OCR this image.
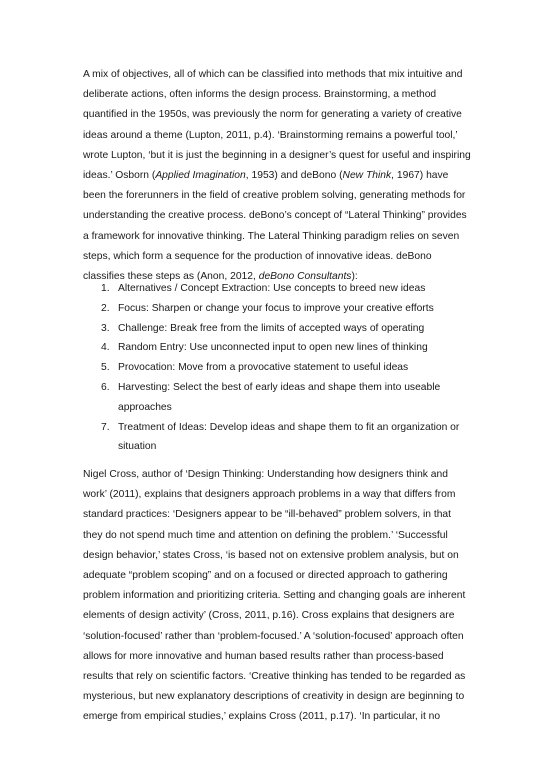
A mix of objectives, all of which can be classified into methods that mix intuitive and
deliberate actions, often informs the design process. Brainstorming, a method
quantified in the 1950s, was previously the norm for generating a variety of creative
ideas around a theme (Lupton, 2011, p.4). ‘Brainstorming remains a powerful tool,’
wrote Lupton, ‘but it is just the beginning in a designer’s quest for useful and inspiring
ideas.’ Osborn (Applied Imagination, 1953) and deBono (New Think, 1967) have
been the forerunners in the field of creative problem solving, generating methods for
understanding the creative process. deBono’s concept of “Lateral Thinking” provides
a framework for innovative thinking. The Lateral Thinking paradigm relies on seven
steps, which form a sequence for the production of innovative ideas. deBono
classifies these steps as (Anon, 2012, deBono Consultants):
1. Alternatives / Concept Extraction: Use concepts to breed new ideas
2. Focus: Sharpen or change your focus to improve your creative efforts
3. Challenge: Break free from the limits of accepted ways of operating
4. Random Entry: Use unconnected input to open new lines of thinking
5. Provocation: Move from a provocative statement to useful ideas
6. Harvesting: Select the best of early ideas and shape them into useable
approaches
7. Treatment of Ideas: Develop ideas and shape them to fit an organization or
situation
Nigel Cross, author of ‘Design Thinking: Understanding how designers think and
work’ (2011), explains that designers approach problems in a way that differs from
standard practices: ‘Designers appear to be “ill-behaved” problem solvers, in that
they do not spend much time and attention on defining the problem.’ ‘Successful
design behavior,’ states Cross, ‘is based not on extensive problem analysis, but on
adequate “problem scoping” and on a focused or directed approach to gathering
problem information and prioritizing criteria. Setting and changing goals are inherent
elements of design activity’ (Cross, 2011, p.16). Cross explains that designers are
‘solution-focused’ rather than ‘problem-focused.’ A ‘solution-focused’ approach often
allows for more innovative and human based results rather than process-based
results that rely on scientific factors. ‘Creative thinking has tended to be regarded as
mysterious, but new explanatory descriptions of creativity in design are beginning to
emerge from empirical studies,’ explains Cross (2011, p.17). ‘In particular, it no
